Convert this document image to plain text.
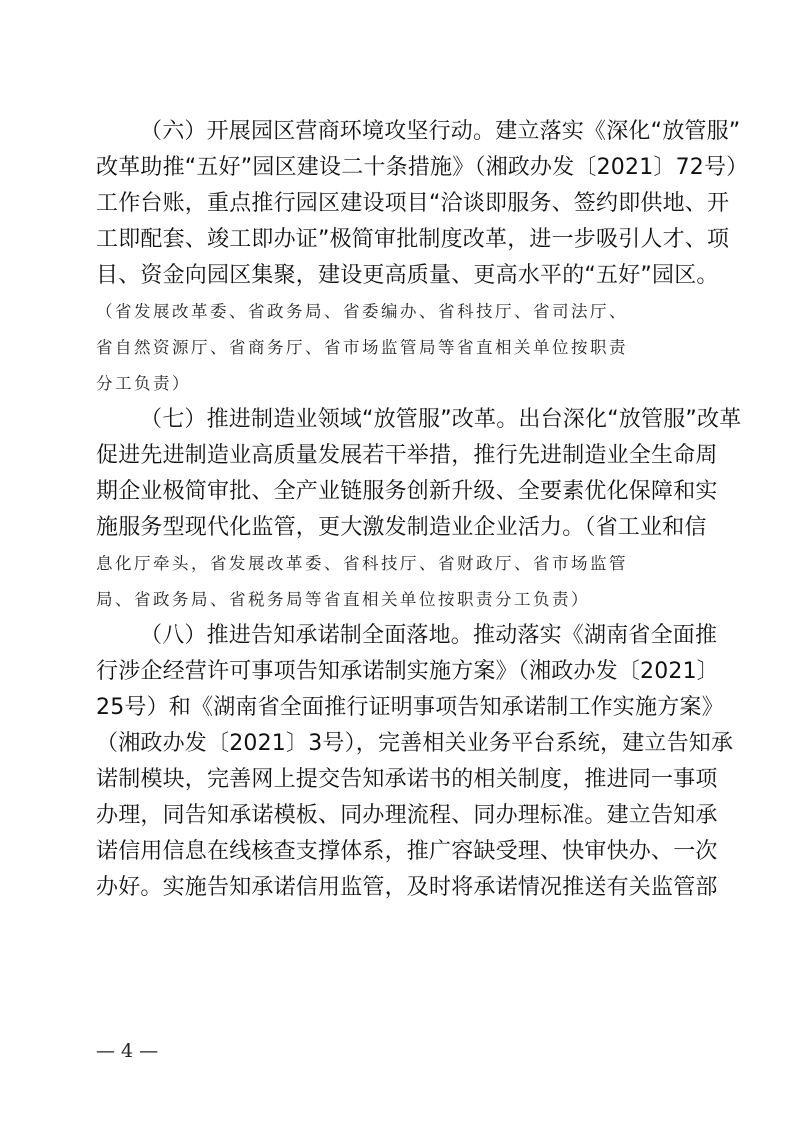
（六）开展园区营商环境攻坚行动。建立落实《深化“放管服”
改革助推“五好”园区建设二十条措施》（湘政办发〔2021〕72号）
工作台账，重点推行园区建设项目“洽谈即服务、签约即供地、开
工即配套、竣工即办证”极简审批制度改革，进一步吸引人才、项
目、资金向园区集聚，建设更高质量、更高水平的“五好”园区。
（省发展改革委、省政务局、省委编办、省科技厅、省司法厅、
省自然资源厅、省商务厅、省市场监管局等省直相关单位按职责
分工负责）
（七）推进制造业领域“放管服”改革。出台深化“放管服”改革
促进先进制造业高质量发展若干举措，推行先进制造业全生命周
期企业极简审批、全产业链服务创新升级、全要素优化保障和实
施服务型现代化监管，更大激发制造业企业活力。（省工业和信
息化厅牵头，省发展改革委、省科技厅、省财政厅、省市场监管
局、省政务局、省税务局等省直相关单位按职责分工负责）
（八）推进告知承诺制全面落地。推动落实《湖南省全面推
行涉企经营许可事项告知承诺制实施方案》（湘政办发〔2021〕
25号）和《湖南省全面推行证明事项告知承诺制工作实施方案》
（湘政办发〔2021〕3号），完善相关业务平台系统，建立告知承
诺制模块，完善网上提交告知承诺书的相关制度，推进同一事项
办理，同告知承诺模板、同办理流程、同办理标准。建立告知承
诺信用信息在线核查支撑体系，推广容缺受理、快审快办、一次
办好。实施告知承诺信用监管，及时将承诺情况推送有关监管部
— 4 —
